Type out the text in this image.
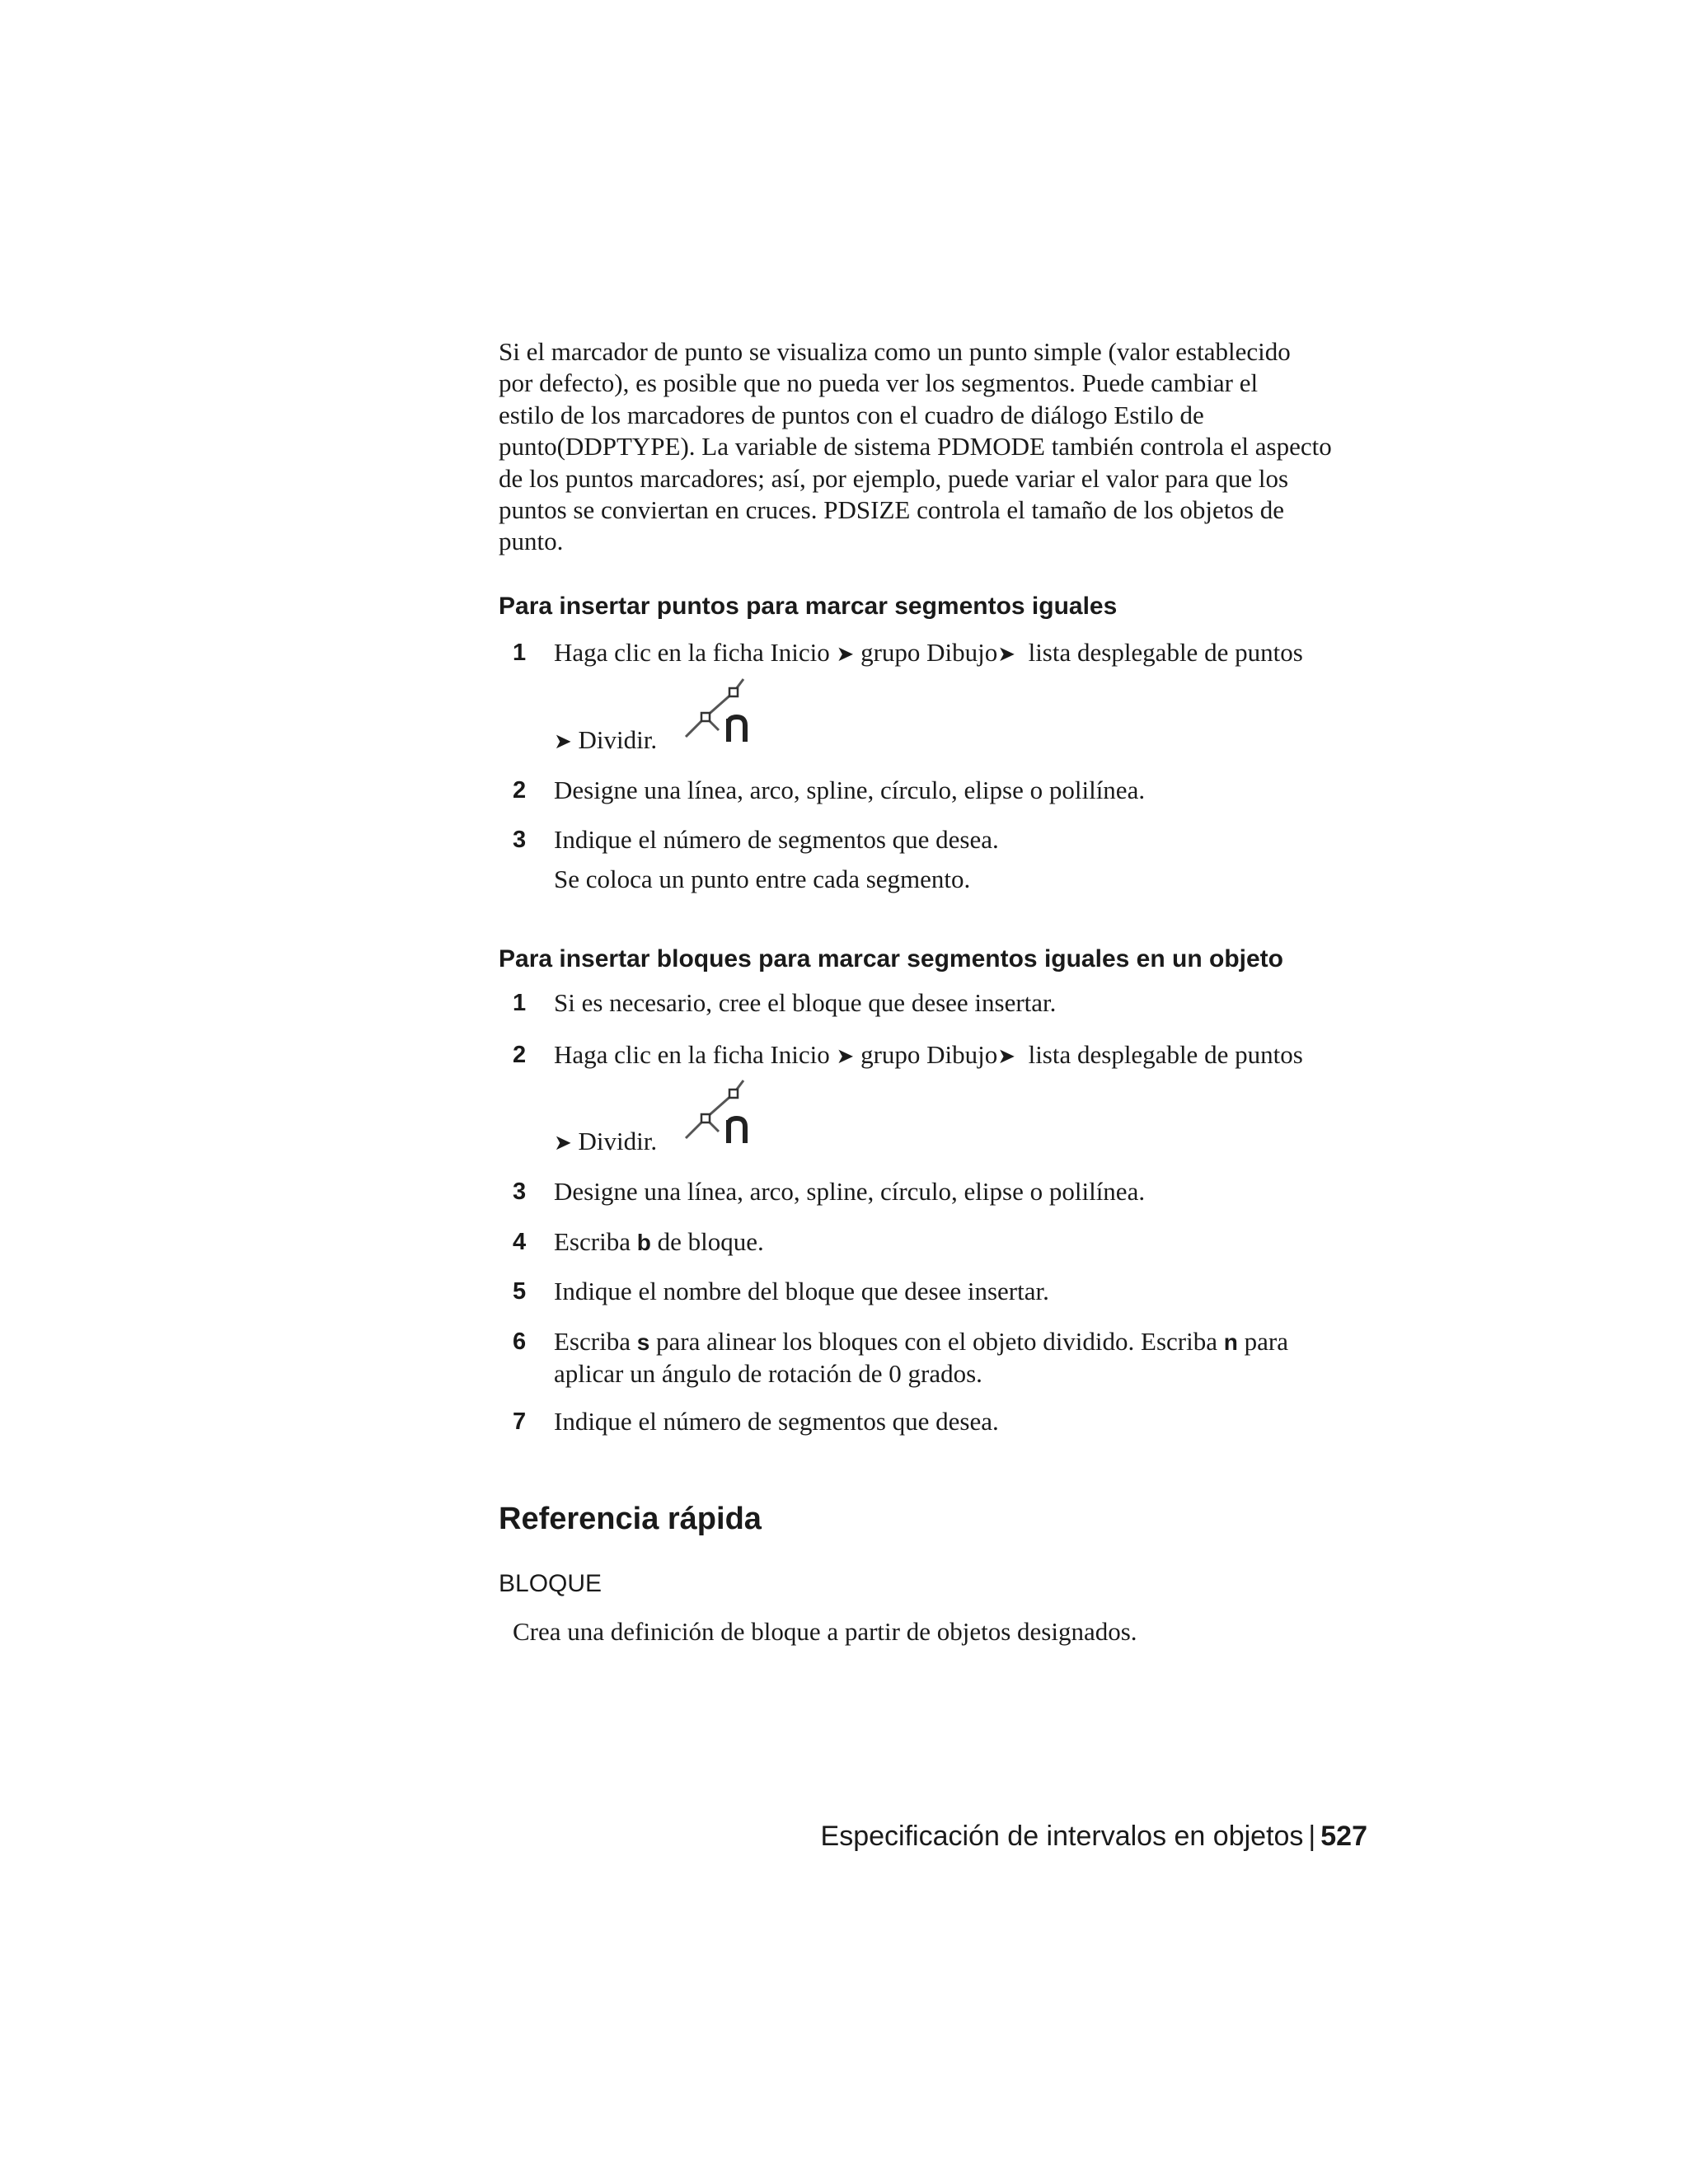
Si el marcador de punto se visualiza como un punto simple (valor establecido
por defecto), es posible que no pueda ver los segmentos. Puede cambiar el
estilo de los marcadores de puntos con el cuadro de diálogo Estilo de
punto(DDPTYPE). La variable de sistema PDMODE también controla el aspecto
de los puntos marcadores; así, por ejemplo, puede variar el valor para que los
puntos se conviertan en cruces. PDSIZE controla el tamaño de los objetos de
punto.

Para insertar puntos para marcar segmentos iguales
1 Haga clic en la ficha Inicio ➤ grupo Dibujo➤ lista desplegable de puntos
➤ Dividir.
2 Designe una línea, arco, spline, círculo, elipse o polilínea.
3 Indique el número de segmentos que desea.
Se coloca un punto entre cada segmento.
Para insertar bloques para marcar segmentos iguales en un objeto
1 Si es necesario, cree el bloque que desee insertar.
2 Haga clic en la ficha Inicio ➤ grupo Dibujo➤ lista desplegable de puntos
➤ Dividir.
3 Designe una línea, arco, spline, círculo, elipse o polilínea.
4 Escriba b de bloque.
5 Indique el nombre del bloque que desee insertar.
6 Escriba s para alinear los bloques con el objeto dividido. Escriba n para
aplicar un ángulo de rotación de 0 grados.
7 Indique el número de segmentos que desea.
Referencia rápida

BLOQUE

Crea una definición de bloque a partir de objetos designados.

Especificación de intervalos en objetos | 527
